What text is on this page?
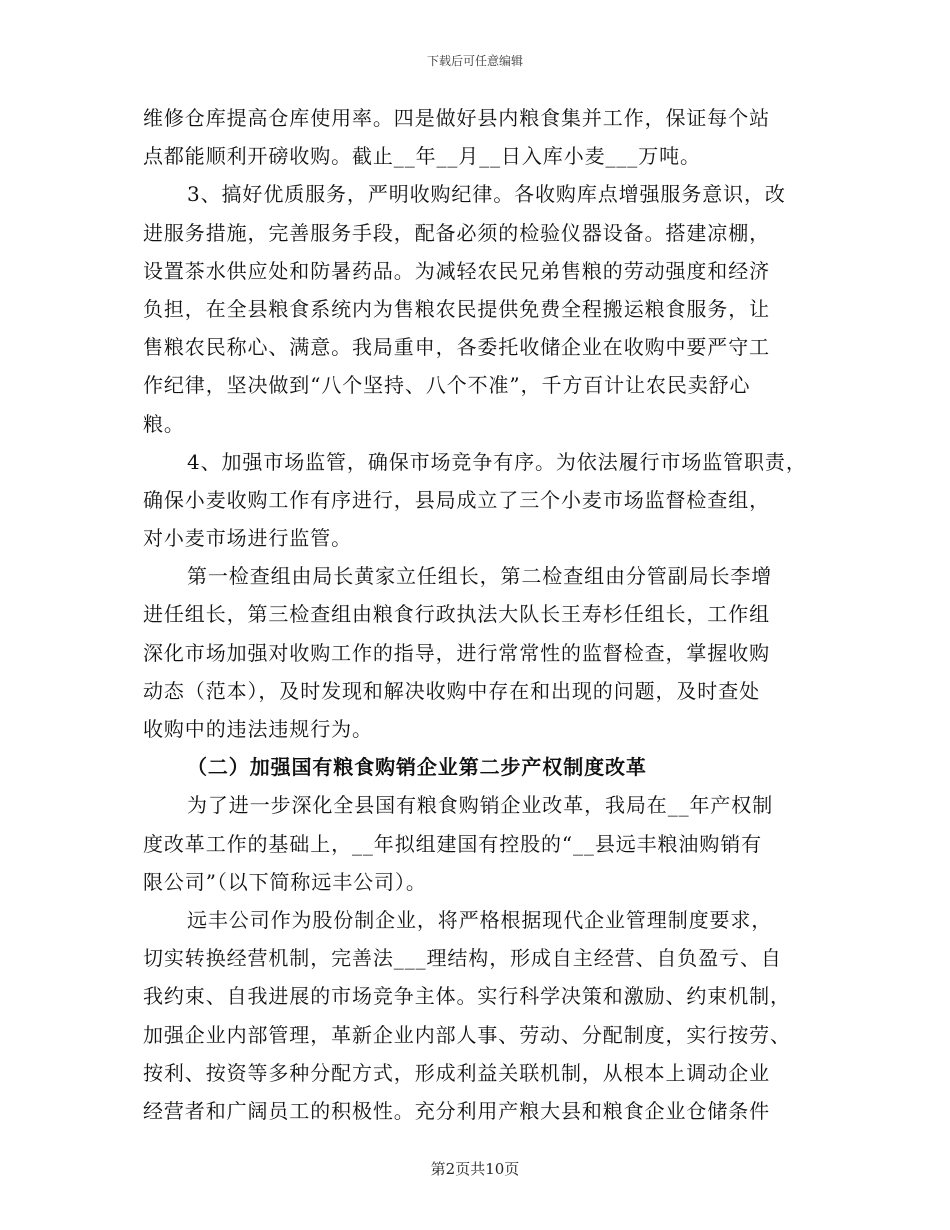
下载后可任意编辑
维修仓库提高仓库使用率。四是做好县内粮食集并工作，保证每个站
点都能顺利开磅收购。截止__年__月__日入库小麦___万吨。
3、搞好优质服务，严明收购纪律。各收购库点增强服务意识，改
进服务措施，完善服务手段，配备必须的检验仪器设备。搭建凉棚，
设置茶水供应处和防暑药品。为减轻农民兄弟售粮的劳动强度和经济
负担，在全县粮食系统内为售粮农民提供免费全程搬运粮食服务，让
售粮农民称心、满意。我局重申，各委托收储企业在收购中要严守工
作纪律，坚决做到“八个坚持、八个不准”，千方百计让农民卖舒心
粮。
4、加强市场监管，确保市场竞争有序。为依法履行市场监管职责，
确保小麦收购工作有序进行，县局成立了三个小麦市场监督检查组，
对小麦市场进行监管。
第一检查组由局长黄家立任组长，第二检查组由分管副局长李增
进任组长，第三检查组由粮食行政执法大队长王寿杉任组长，工作组
深化市场加强对收购工作的指导，进行常常性的监督检查，掌握收购
动态（范本），及时发现和解决收购中存在和出现的问题，及时查处
收购中的违法违规行为。
（二）加强国有粮食购销企业第二步产权制度改革
为了进一步深化全县国有粮食购销企业改革，我局在__年产权制
度改革工作的基础上，__年拟组建国有控股的“__县远丰粮油购销有
限公司”（以下简称远丰公司）。
远丰公司作为股份制企业，将严格根据现代企业管理制度要求，
切实转换经营机制，完善法___理结构，形成自主经营、自负盈亏、自
我约束、自我进展的市场竞争主体。实行科学决策和激励、约束机制，
加强企业内部管理，革新企业内部人事、劳动、分配制度，实行按劳、
按利、按资等多种分配方式，形成利益关联机制，从根本上调动企业
经营者和广阔员工的积极性。充分利用产粮大县和粮食企业仓储条件
第2页共10页
